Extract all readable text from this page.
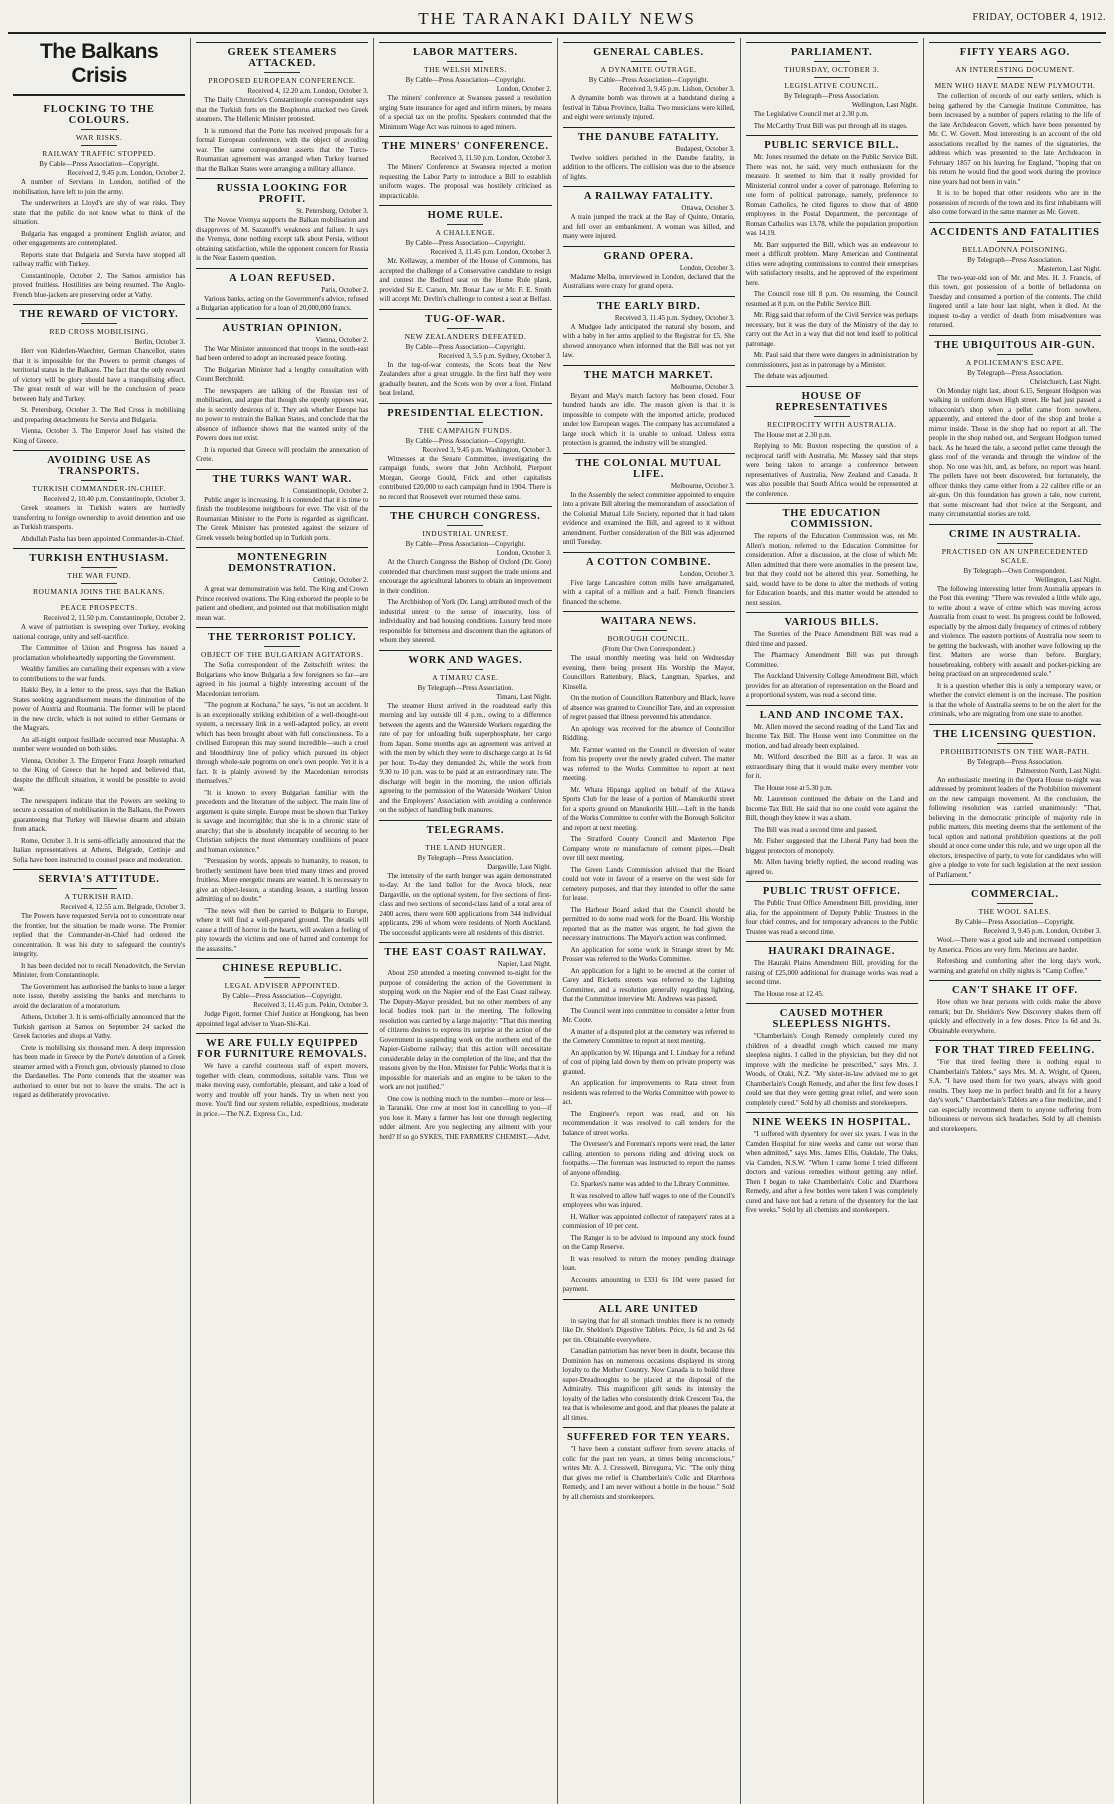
THE TARANAKI DAILY NEWS	FRIDAY, OCTOBER 4, 1912.
The Balkans Crisis
FLOCKING TO THE COLOURS.
WAR RISKS.
RAILWAY TRAFFIC STOPPED.
By Cable—Press Association—Copyright.
Received 2, 9.45 p.m. London, October 2.

A number of Servians in London, notified of the mobilisation, have left to join the army.

The underwriters at Lloyd's are shy of war risks. They state that the public do not know what to think of the situation.

Bulgaria has engaged a prominent English aviator, and other engagements are contemplated.

Reports state that Bulgaria and Servia have stopped all railway traffic with Turkey.

Constantinople, October 2. The Samos armistice has proved fruitless. Hostilities are being resumed. The Anglo-French blue-jackets are preserving order at Vathy.

THE REWARD OF VICTORY.
RED CROSS MOBILISING.
Berlin, October 3.

Herr von Kiderlen-Waechter, German Chancellor, states that it is impossible for the Powers to permit changes of territorial status in the Balkans. The fact that the only reward of victory will be glory should have a tranquilising effect. The great result of war will be the conclusion of peace between Italy and Turkey.

St. Petersburg, October 3. The Red Cross is mobilising and preparing detachments for Servia and Bulgaria.

Vienna, October 3. The Emperor Josef has visited the King of Greece.

AVOIDING USE AS TRANSPORTS.
TURKISH COMMANDER-IN-CHIEF.
Received 2, 10.40 p.m. Constantinople, October 3.

Greek steamers in Turkish waters are hurriedly transferring to foreign ownership to avoid detention and use as Turkish transports.

Abdullah Pasha has been appointed Commander-in-Chief.

TURKISH ENTHUSIASM.
THE WAR FUND.
ROUMANIA JOINS THE BALKANS.
PEACE PROSPECTS.
Received 2, 11.50 p.m. Constantinople, October 2.

A wave of patriotism is sweeping over Turkey, evoking national courage, unity and self-sacrifice.

The Committee of Union and Progress has issued a proclamation wholeheartedly supporting the Government.

Wealthy families are curtailing their expenses with a view to contributions to the war funds.

Hakki Bey, in a letter to the press, says that the Balkan States seeking aggrandisement means the diminution of the power of Austria and Roumania. The former will be placed in the new circle, which is not suited to either Germans or the Magyars.

An all-night outpost fusillade occurred near Mustapha. A number were wounded on both sides.

Vienna, October 3. The Emperor Franz Joseph remarked to the King of Greece that he hoped and believed that, despite the difficult situation, it would be possible to avoid war.

The newspapers indicate that the Powers are seeking to secure a cessation of mobilisation in the Balkans, the Powers guaranteeing that Turkey will likewise disarm and abstain from attack.

Rome, October 3. It is semi-officially announced that the Italian representatives at Athens, Belgrade, Cettinje and Sofia have been instructed to counsel peace and moderation.

SERVIA'S ATTITUDE.
A TURKISH RAID.
Received 4, 12.55 a.m. Belgrade, October 3.

The Powers have requested Servia not to concentrate near the frontier, but the situation be made worse. The Premier replied that the Commander-in-Chief had ordered the concentration. It was his duty to safeguard the country's integrity.

It has been decided not to recall Nenadovitch, the Servian Minister, from Constantinople.

The Government has authorised the banks to issue a larger note issue, thereby assisting the banks and merchants to avoid the declaration of a moratorium.

Athens, October 3. It is semi-officially announced that the Turkish garrison at Samos on September 24 sacked the Greek factories and shops at Vathy.

Crete is mobilising six thousand men. A deep impression has been made in Greece by the Porte's detention of a Greek steamer armed with a French gun, obviously planned to close the Dardanelles. The Porte contends that the steamer was authorised to enter but not to leave the straits. The act is regard as deliberately provocative.

GREEK STEAMERS ATTACKED.
PROPOSED EUROPEAN CONFERENCE.
Received 4, 12.20 a.m. London, October 3.

The Daily Chronicle's Constantinople correspondent says that the Turkish forts on the Bosphorus attacked two Greek steamers. The Hellenic Minister protested.

It is rumored that the Porte has received proposals for a formal European conference, with the object of avoiding war. The same correspondent asserts that the Turco-Roumanian agreement was arranged when Turkey learned that the Balkan States were arranging a military alliance.

RUSSIA LOOKING FOR PROFIT.
St. Petersburg, October 3.

The Novoe Vremya supports the Balkan mobilisation and disapproves of M. Sazanoff's weakness and failure. It says the Vremya, done nothing except talk about Persia, without obtaining satisfaction, while the opponent concern for Russia is the Near Eastern question.

A LOAN REFUSED.
Paris, October 2.

Various banks, acting on the Government's advice, refused a Bulgarian application for a loan of 20,000,000 francs.

AUSTRIAN OPINION.
Vienna, October 2.

The War Minister announced that troops in the south-east had been ordered to adopt an increased peace footing.

The Bulgarian Minister had a lengthy consultation with Count Berchtold.

The newspapers are talking of the Russian test of mobilisation, and argue that though she openly opposes war, she is secretly desirous of it. They ask whether Europe has no power to restrain the Balkan States, and conclude that the absence of influence shows that the wanted unity of the Powers does not exist.

It is reported that Greece will proclaim the annexation of Crete.

THE TURKS WANT WAR.
Constantinople, October 2.

Public anger is increasing. It is contended that it is time to finish the troublesome neighbours for ever. The visit of the Roumanian Minister to the Porte is regarded as significant. The Greek Minister has protested against the seizure of Greek vessels being bottled up in Turkish ports.

MONTENEGRIN DEMONSTRATION.
Cettinje, October 2.

A great war demonstration was held. The King and Crown Prince received ovations. The King exhorted the people to be patient and obedient, and pointed out that mobilisation might mean war.

THE TERRORIST POLICY.
OBJECT OF THE BULGARIAN AGITATORS.

The Sofia correspondent of the Zeitschrift writes: the Bulgarians who know Bulgaria a few foreigners so far—are agreed in his journal a highly interesting account of the Macedonian terrorism.

"The pogrom at Kochana," he says, "is not an accident. It is an exceptionally striking exhibition of a well-thought-out system, a necessary link in a well-adapted policy, an event which has been brought about with full consciousness. To a civilised European this may sound incredible—such a cruel and bloodthirsty line of policy which pursued its object through whole-sale pogroms on one's own people. Yet it is a fact. It is plainly avowed by the Macedonian terrorists themselves."

"It is known to every Bulgarian familiar with the precedents and the literature of the subject. The main line of argument is quite simple. Europe must be shown that Turkey is savage and incorrigible; that she is in a chronic state of anarchy; that she is absolutely incapable of securing to her Christian subjects the most elementary conditions of peace and human existence."

"Persuasion by words, appeals to humanity, to reason, to brotherly sentiment have been tried many times and proved fruitless. More energetic means are wanted. It is necessary to give an object-lesson, a standing lesson, a startling lesson admitting of no doubt."

"The news will then be carried to Bulgaria to Europe, where it will find a well-prepared ground. The details will cause a thrill of horror in the hearts, will awaken a feeling of pity towards the victims and one of hatred and contempt for the assassins."

CHINESE REPUBLIC.
LEGAL ADVISER APPOINTED.
By Cable—Press Association—Copyright.
Received 3, 11.45 p.m. Pekin, October 3.

Judge Pigott, former Chief Justice at Hongkong, has been appointed legal adviser to Yuan-Shi-Kai.

WE ARE FULLY EQUIPPED FOR FURNITURE REMOVALS.

We have a careful courteous staff of expert movers, together with clean, commodious, suitable vans. Thus we make moving easy, comfortable, pleasant, and take a load of worry and trouble off your hands. Try us when next you move. You'll find our system reliable, expeditious, moderate in price.—The N.Z. Express Co., Ltd.

LABOR MATTERS.
THE WELSH MINERS.
By Cable—Press Association—Copyright.
London, October 2.

The miners' conference at Swansea passed a resolution urging State insurance for aged and infirm miners, by means of a special tax on the profits. Speakers contended that the Minimum Wage Act was ruinous to aged miners.

THE MINERS' CONFERENCE.
Received 3, 11.50 p.m. London, October 3.

The Miners' Conference at Swansea rejected a motion requesting the Labor Party to introduce a Bill to establish uniform wages. The proposal was hostilely criticised as impracticable.

HOME RULE.
A CHALLENGE.
By Cable—Press Association—Copyright.
Received 3, 11.45 p.m. London, October 3.

Mr. Kellaway, a member of the House of Commons, has accepted the challenge of a Conservative candidate to resign and contest the Bedford seat on the Home Rule plank, provided Sir E. Carson, Mr. Bonar Law or Mr. F. E. Smith will accept Mr. Devlin's challenge to contest a seat at Belfast.

TUG-OF-WAR.
NEW ZEALANDERS DEFEATED.
By Cable—Press Association—Copyright.
Received 3, 5.5 p.m. Sydney, October 3.

In the tug-of-war contests, the Scots beat the New Zealanders after a great struggle. In the first half they were gradually beaten, and the Scots won by over a foot. Finland beat Ireland.

PRESIDENTIAL ELECTION.
THE CAMPAIGN FUNDS.
By Cable—Press Association—Copyright.
Received 3, 9.45 p.m. Washington, October 3.

Witnesses at the Senate Committee, investigating the campaign funds, swore that John Archbold, Pierpont Morgan, George Gould, Frick and other capitalists contributed £20,000 to each campaign fund in 1904. There is no record that Roosevelt ever returned these sums.

THE CHURCH CONGRESS.
INDUSTRIAL UNREST.
By Cable—Press Association—Copyright.
London, October 3.

At the Church Congress the Bishop of Oxford (Dr. Gore) contended that churchmen must support the trade unions and encourage the agricultural laborers to obtain an improvement in their condition.

The Archbishop of York (Dr. Lang) attributed much of the industrial unrest to the sense of insecurity, loss of individuality and bad housing conditions. Luxury bred more responsible for bitterness and discontent than the agitators of whom they sneered.

WORK AND WAGES.
A TIMARU CASE.
By Telegraph—Press Association.
Timaru, Last Night.

The steamer Hurst arrived in the roadstead early this morning and lay outside till 4 p.m., owing to a difference between the agents and the Waterside Workers regarding the rate of pay for unloading bulk superphosphate, her cargo from Japan. Some months ago an agreement was arrived at with the men by which they were to discharge cargo at 1s 6d per hour. To-day they demanded 2s, while the work from 9.30 to 10 p.m. was to be paid at an extraordinary rate. The discharge will begin in the morning, the union officials agreeing to the permission of the Waterside Workers' Union and the Employers' Association with avoiding a conference on the subject of handling bulk manures.

TELEGRAMS.
THE LAND HUNGER.
By Telegraph—Press Association.
Dargaville, Last Night.

The intensity of the earth hunger was again demonstrated to-day. At the land ballot for the Avoca block, near Dargaville, on the optional system, for five sections of first-class and two sections of second-class land of a total area of 2400 acres, there were 600 applications from 344 individual applicants, 296 of whom were residents of North Auckland. The successful applicants were all residents of this district.

THE EAST COAST RAILWAY.
Napier, Last Night.

About 250 attended a meeting convened to-night for the purpose of considering the action of the Government in stopping work on the Napier end of the East Coast railway. The Deputy-Mayor presided, but no other members of any local bodies took part in the meeting. The following resolution was carried by a large majority: "That this meeting of citizens desires to express its surprise at the action of the Government in suspending work on the northern end of the Napier-Gisborne railway; that this action will necessitate considerable delay in the completion of the line, and that the reasons given by the Hon. Minister for Public Works that it is impossible for materials and an engine to be taken to the work are not justified."

One cow is nothing much to the number—more or less—in Taranaki. One cow at most lost in cancelling to you—if you lose it. Many a farmer has lost one through neglecting udder ailment. Are you neglecting any ailment with your herd? If so go SYKES, THE FARMERS' CHEMIST.—Advt.

GENERAL CABLES.
A DYNAMITE OUTRAGE.
By Cable—Press Association—Copyright.
Received 3, 9.45 p.m. Lisbon, October 3.

A dynamite bomb was thrown at a bandstand during a festival in Tabua Province, Italia. Two musicians were killed, and eight were seriously injured.

THE DANUBE FATALITY.
Budapest, October 3.

Twelve soldiers perished in the Danube fatality, in addition to the officers. The collision was due to the absence of lights.

A RAILWAY FATALITY.
Ottawa, October 3.

A train jumped the track at the Bay of Quinte, Ontario, and fell over an embankment. A woman was killed, and many were injured.

GRAND OPERA.
London, October 3.

Madame Melba, interviewed in London, declared that the Australians were crazy for grand opera.

THE EARLY BIRD.
Received 3, 11.45 p.m. Sydney, October 3.

A Mudgee lady anticipated the natural shy bosom, and with a baby in her arms applied to the Registrar for £5. She showed annoyance when informed that the Bill was not yet law.

THE MATCH MARKET.
Melbourne, October 3.

Bryant and May's match factory has been closed. Four hundred hands are idle. The reason given is that it is impossible to compete with the imported article, produced under low European wages. The company has accumulated a large stock which it is unable to unload. Unless extra protection is granted, the industry will be strangled.

THE COLONIAL MUTUAL LIFE.
Melbourne, October 3.

In the Assembly the select committee appointed to enquire into a private Bill altering the memorandum of association of the Colonial Mutual Life Society, reported that it had taken evidence and examined the Bill, and agreed to it without amendment. Further consideration of the Bill was adjourned until Tuesday.

A COTTON COMBINE.
London, October 3.

Five large Lancashire cotton mills have amalgamated, with a capital of a million and a half. French financiers financed the scheme.

WAITARA NEWS.
BOROUGH COUNCIL.
(From Our Own Correspondent.)

The usual monthly meeting was held on Wednesday evening, there being present His Worship the Mayor, Councillors Rattenbury, Black, Langman, Sparkes, and Kinsella.

On the motion of Councillors Rattenbury and Black, leave of absence was granted to Councillor Tate, and an expression of regret passed that illness prevented his attendance.

An apology was received for the absence of Councillor Riddling.

Mr. Farmer wanted on the Council re diversion of water from his property over the newly graded culvert. The matter was referred to the Works Committee to report at next meeting.

Mr. Whata Hipanga applied on behalf of the Atiawa Sports Club for the lease of a portion of Manukorihi street for a sports ground on Manukorihi Hill.—Left in the hands of the Works Committee to confer with the Borough Solicitor and report at next meeting.

The Stratford County Council and Masterton Pipe Company wrote re manufacture of cement pipes.—Dealt over till next meeting.

The Green Lands Commission advised that the Board could not vote in favour of a reserve on the west side for cemetery purposes, and that they intended to offer the same for lease.

The Harbour Board asked that the Council should be permitted to do some road work for the Board. His Worship reported that as the matter was urgent, he had given the necessary instructions. The Mayor's action was confirmed.

An application for some work in Strange street by Mr. Prosser was referred to the Works Committee.

An application for a light to be erected at the corner of Carey and Ricketts streets was referred to the Lighting Committee, and a resolution generally regarding lighting, that the Committee interview Mr. Andrews was passed.

The Council went into committee to consider a letter from Mr. Coote.

A matter of a disputed plot at the cemetery was referred to the Cemetery Committee to report at next meeting.

An application by W. Hipanga and I. Lindsay for a refund of cost of piping laid down by them on private property was granted.

An application for improvements to Rata street from residents was referred to the Works Committee with power to act.

The Engineer's report was read, and on his recommendation it was resolved to call tenders for the balance of street works.

The Overseer's and Foreman's reports were read, the latter calling attention to persons riding and driving stock on footpaths.—The foreman was instructed to report the names of anyone offending.

Cr. Sparkes's name was added to the Library Committee.

It was resolved to allow half wages to one of the Council's employees who was injured.

H. Walker was appointed collector of ratepayers' rates at a commission of 10 per cent.

The Ranger is to be advised to impound any stock found on the Camp Reserve.

It was resolved to return the money pending drainage loan.

Accounts amounting to £331 6s 10d were passed for payment.

ALL ARE UNITED

in saying that for all stomach troubles there is no remedy like Dr. Sheldon's Digestive Tablets. Price, 1s 6d and 2s 6d per tin. Obtainable everywhere.

Canadian patriotism has never been in doubt, because this Dominion has on numerous occasions displayed its strong loyalty to the Mother Country. Now Canada is to build three super-Dreadnoughts to be placed at the disposal of the Admiralty. This magnificent gift sends its intensity the loyalty of the ladies who consistently drink Crescent Tea, the tea that is wholesome and good, and that pleases the palate at all times.

SUFFERED FOR TEN YEARS.

"I have been a constant sufferer from severe attacks of colic for the past ten years, at times being unconscious," writes Mr. A. J. Cresswell, Birregurra, Vic. "The only thing that gives me relief is Chamberlain's Colic and Diarrhoea Remedy, and I am never without a bottle in the house." Sold by all chemists and storekeepers.

PARLIAMENT.
THURSDAY, OCTOBER 3.
LEGISLATIVE COUNCIL.
By Telegraph—Press Association.
Wellington, Last Night.

The Legislative Council met at 2.30 p.m.

The McCarthy Trust Bill was put through all its stages.

PUBLIC SERVICE BILL.

Mr. Jones resumed the debate on the Public Service Bill. There was not, he said, very much enthusiasm for the measure. It seemed to him that it really provided for Ministerial control under a cover of patronage. Referring to one form of political patronage, namely, preference to Roman Catholics, he cited figures to show that of 4800 employees in the Postal Department, the percentage of Roman Catholics was 13.78, while the population proportion was 14.19.

Mr. Barr supported the Bill, which was an endeavour to meet a difficult problem. Many American and Continental cities were adopting commissions to control their enterprises with satisfactory results, and he approved of the experiment here.

The Council rose till 8 p.m. On resuming, the Council resumed at 8 p.m. on the Public Service Bill.

Mr. Rigg said that reform of the Civil Service was perhaps necessary, but it was the duty of the Ministry of the day to carry out the Act in a way that did not lend itself to political patronage.

Mr. Paul said that there were dangers in administration by commissioners, just as in patronage by a Minister.

The debate was adjourned.

HOUSE OF REPRESENTATIVES
RECIPROCITY WITH AUSTRALIA.

The House met at 2.30 p.m.

Replying to Mr. Buxton respecting the question of a reciprocal tariff with Australia, Mr. Massey said that steps were being taken to arrange a conference between representatives of Australia, New Zealand and Canada. It was also possible that South Africa would be represented at the conference.

THE EDUCATION COMMISSION.

The reports of the Education Commission was, on Mr. Allen's motion, referred to the Education Committee for consideration. After a discussion, at the close of which Mr. Allen admitted that there were anomalies in the present law, but that they could not be altered this year. Something, he said, would have to be done to alter the methods of voting for Education boards, and this matter would be attended to next session.

VARIOUS BILLS.

The Sureties of the Peace Amendment Bill was read a third time and passed.

The Pharmacy Amendment Bill was put through Committee.

The Auckland University College Amendment Bill, which provides for an alteration of representation on the Board and a proportional system, was read a second time.

LAND AND INCOME TAX.

Mr. Allen moved the second reading of the Land Tax and Income Tax Bill. The House went into Committee on the motion, and had already been explained.

Mr. Wilford described the Bill as a farce. It was an extraordinary thing that it would make every member vote for it.

The House rose at 5.30 p.m.

Mr. Laurenson continued the debate on the Land and Income Tax Bill. He said that no one could vote against the Bill, though they knew it was a sham.

The Bill was read a second time and passed.

Mr. Fisher suggested that the Liberal Party had been the biggest protectors of monopoly.

Mr. Allen having briefly replied, the second reading was agreed to.

PUBLIC TRUST OFFICE.

The Public Trust Office Amendment Bill, providing, inter alia, for the appointment of Deputy Public Trustees in the four chief centres, and for temporary advances to the Public Trustee was read a second time.

HAURAKI DRAINAGE.

The Hauraki Plains Amendment Bill, providing for the raising of £25,000 additional for drainage works was read a second time.

The House rose at 12.45.

CAUSED MOTHER SLEEPLESS NIGHTS.

"Chamberlain's Cough Remedy completely cured my children of a dreadful cough which caused me many sleepless nights. I called in the physician, but they did not improve with the medicine he prescribed," says Mrs. J. Woods, of Otaki, N.Z. "My sister-in-law advised me to get Chamberlain's Cough Remedy, and after the first few doses I could see that they were getting great relief, and were soon completely cured." Sold by all chemists and storekeepers.

NINE WEEKS IN HOSPITAL.

"I suffered with dysentery for over six years. I was in the Camden Hospital for nine weeks and came out worse than when admitted," says Mrs. James Ellis, Oakdale, The Oaks, via Camden, N.S.W. "When I came home I tried different doctors and various remedies without getting any relief. Then I began to take Chamberlain's Colic and Diarrhoea Remedy, and after a few bottles were taken I was completely cured and have not had a return of the dysentery for the last five weeks." Sold by all chemists and storekeepers.

FIFTY YEARS AGO.
AN INTERESTING DOCUMENT.
MEN WHO HAVE MADE NEW PLYMOUTH.

The collection of records of our early settlers, which is being gathered by the Carnegie Institute Committee, has been increased by a number of papers relating to the life of the late Archdeacon Govett, which have been presented by Mr. C. W. Govett. Most interesting is an account of the old associations recalled by the names of the signatories, the address which was presented to the late Archdeacon in February 1857 on his leaving for England, "hoping that on his return he would find the good work during the province nine years had not been in vain."

It is to be hoped that other residents who are in the possession of records of the town and its first inhabitants will also come forward in the same manner as Mr. Govett.

ACCIDENTS AND FATALITIES
BELLADONNA POISONING.
By Telegraph—Press Association.
Masterton, Last Night.

The two-year-old son of Mr. and Mrs. H. J. Francis, of this town, got possession of a bottle of belladonna on Tuesday and consumed a portion of the contents. The child lingered until a late hour last night, when it died. At the inquest to-day a verdict of death from misadventure was returned.

THE UBIQUITOUS AIR-GUN.
A POLICEMAN'S ESCAPE.
By Telegraph—Press Association.
Christchurch, Last Night.

On Monday night last, about 6.15, Sergeant Hodgson was walking in uniform down High street. He had just passed a tobacconist's shop when a pellet came from nowhere, apparently, and entered the door of the shop and broke a mirror inside. Those in the shop had no report at all. The people in the shop rushed out, and Sergeant Hodgson turned back. As he heard the tale, a second pellet came through the glass roof of the veranda and through the window of the shop. No one was hit, and, as before, no report was heard. The pellets have not been discovered, but fortunately, the officer thinks they came either from a 22 calibre rifle or an air-gun. On this foundation has grown a tale, now current, that some miscreant had shot twice at the Sergeant, and many circumstantial stories are told.

CRIME IN AUSTRALIA.
PRACTISED ON AN UNPRECEDENTED SCALE.
By Telegraph—Own Correspondent.
Wellington, Last Night.

The following interesting letter from Australia appears in the Post this evening: "There was revealed a little while ago, to write about a wave of crime which was moving across Australia from coast to west. Its progress could be followed, especially by the almost daily frequency of crimes of robbery and violence. The eastern portions of Australia now seem to be getting the backwash, with another wave following up the first. Matters are worse than before. Burglary, housebreaking, robbery with assault and pocket-picking are being practised on an unprecedented scale."

It is a question whether this is only a temporary wave, or whether the convict element is on the increase. The position is that the whole of Australia seems to be on the alert for the criminals, who are migrating from one state to another.

THE LICENSING QUESTION.
PROHIBITIONISTS ON THE WAR-PATH.
By Telegraph—Press Association.
Palmerston North, Last Night.

An enthusiastic meeting in the Opera House to-night was addressed by prominent leaders of the Prohibition movement on the new campaign movement. At the conclusion, the following resolution was carried unanimously: "That, believing in the democratic principle of majority rule in public matters, this meeting deems that the settlement of the local option and national prohibition questions at the poll should at once come under this rule, and we urge upon all the electors, irrespective of party, to vote for candidates who will give a pledge to vote for such legislation at the next session of Parliament."

COMMERCIAL.
THE WOOL SALES.
By Cable—Press Association—Copyright.
Received 3, 9.45 p.m. London, October 3.

Wool.—There was a good sale and increased competition by America. Prices are very firm. Merinos are harder.

Refreshing and comforting after the long day's work, warming and grateful on chilly nights is "Camp Coffee."

CAN'T SHAKE IT OFF.

How often we hear persons with colds make the above remark; but Dr. Sheldon's New Discovery shakes them off quickly and effectively in a few doses. Price 1s 6d and 3s. Obtainable everywhere.

FOR THAT TIRED FEELING.

"For that tired feeling there is nothing equal to Chamberlain's Tablets," says Mrs. M. A. Wright, of Queen, S.A. "I have used them for two years, always with good results. They keep me in perfect health and fit for a heavy day's work." Chamberlain's Tablets are a fine medicine, and I can especially recommend them to anyone suffering from biliousness or nervous sick headaches. Sold by all chemists and storekeepers.
